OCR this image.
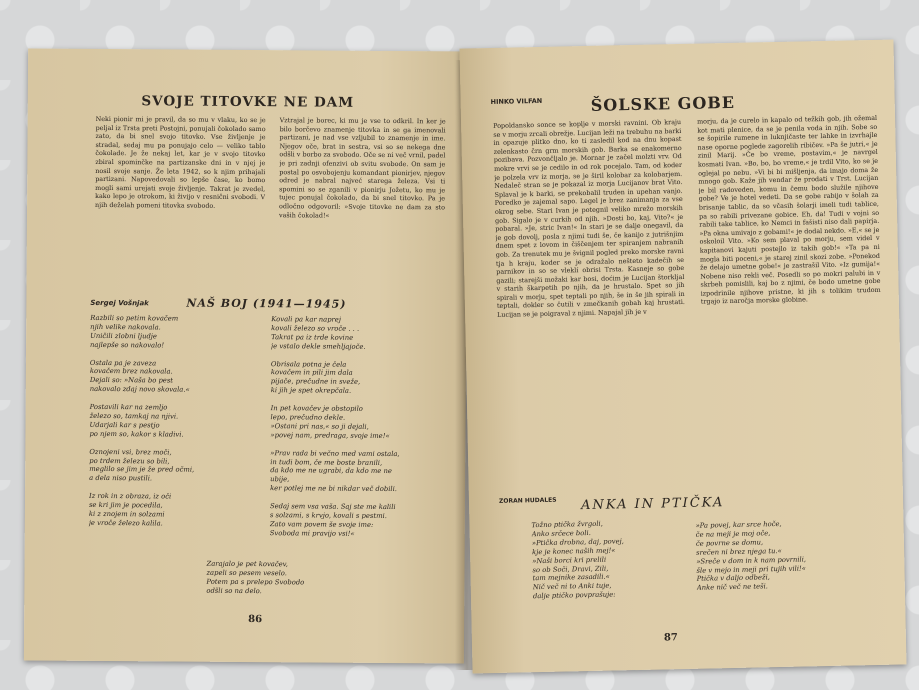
SVOJE TITOVKE NE DAM
Neki pionir mi je pravil, da so mu v vlaku, ko se je peljal iz Trsta preti Postojni, ponujali čokolado samo zato, da bi snel svojo titovko. Vse življenje je stradal, sedaj mu pa ponujajo celo — veliko tablo čokolade. Je že nekaj let, kar je v svojo titovko zbiral spominčke na partizanske dni in v njej je nosil svoje sanje. Že leta 1942, so k njim prihajali partizani. Napovedovali so lepše čase, ko bomo mogli sami urejati svoje življenje. Takrat je zvedel, kako lepo je otrokom, ki živijo v resnični svobodi. V njih deželah pomeni titovka svobodo.
Vztrajal je borec, ki mu je vse to odkril. In ker je bilo borčevo znamenje titovka in se ga imenovali partizani, je nad vse vzljubil to znamenje in ime. Njegov oče, brat in sestra, vsi so se nekega dne odšli v borbo za svobodo. Oče se ni več vrnil, padel je pri zadnji ofenzivi ob svitu svobode. On sam je postal po osvobojenju komandant pionirjev, njegov odred je nabral najveć starega železa. Vsi ti spomini so se zganili v pionirju Jožetu, ko mu je tujec ponujal čokolado, da bi snel titovko. Pa je odločno odgovoril: »Svoje titovke ne dam za sto vaših čokolad!«
Sergej Vošnjak	NAŠ BOJ (1941—1945)
Razbili so petim kovačem
njih velike nakovala.
Uničili zlobni ljudje
najlepše so nakovalo!

Ostala pa je zaveza
kovačem brez nakovala.
Dejali so: »Naša bo pest
nakovalo zdaj novo skovala.«

Postavili kar na zemljo
železo so, tamkaj na njivi.
Udarjali kar s pestjo
po njem so, kakor s kladivi.

Oznojeni vsi, brez moči,
po trdem železu so bili,
meglilo se jim je že pred očmi,
a dela niso pustili.

Iz rok in z obraza, iz oči
se kri jim je pocedila,
ki z znojem in solzami
je vroče železo kalila.
Kovali pa kar naprej
kovali železo so vroče . . .
Takrat pa iz trde kovine
je vstalo dekle smehljajoče.

Obrisala potna je čela
kovačem in pili jim dala
pijače, prečudne in sveže,
ki jih je spet okrepčala.

In pet kovačev je obstopilo
lepo, prečudno dekle.
»Ostani pri nas,« so ji dejali,
»povej nam, predraga, svoje ime!«

»Prav rada bi večno med vami ostala,
in tudi bom, če me boste branili,
da kdo me ne ugrabi, da kdo me ne
ubije,
ker potlej me ne bi nikdar več dobili.

Sedaj sem vsa vaša. Saj ste me kalili
s solzami, s krvjo, kovali s pestmi.
Zato vam povem še svoje ime:
Svoboda mi pravijo vsi!«
Zarajalo je pet kovačev,
zapeli so pesem veselo.
Potem pa s prelepo Svobodo
odšli so na delo.
86
HINKO VILFAN	ŠOLSKE GOBE
Popoldansko sonce se koplje v morski ravnini. Ob kraju se v morju zrcali obrežje. Lucijan leži na trebuhu na barki in opazuje plitko dno, ko ti zasledil kod na dnu kopast zelenkasto črn grm morskih gob. Barka se enakomerno pozibava. Pozvončljalo je. Mornar je začel molzti vrv. Od mokre vrvi se je cedilo in od rok pocejalo. Tam, od koder je polzela vrv iz morja, se je širil kolobar za kolobarjem. Nedaleč stran se je pokazal iz morja Lucijanov brat Vito. Splaval je k barki, se prekobalil truden in upehan vanjo. Poredko je zajemal sapo. Legel je brez zanimanja za vse okrog sebe. Stari Ivan je potegnil veliko mrežo morskih gob. Sigalo je v curkih od njih. »Dosti bo, kaj, Vito?« je pobaral. »Je, stric Ivan!« In stari je se dalje onegavil, da je gob dovolj, posla z njimi tudi še, če kanijo z jutrišnjim dnem spet z lovom in čiščenjem ter spiranjem nabranih gob. Za trenutek mu je švignil pogled preko morske ravni tja h kraju, koder se je odražalo nešteto kadečih se parnikov in so se vleklí obrisi Trsta. Kasneje so gobe gazili; starejši možaki kar bosi, doćim je Lucijan štorkljal v starih škarpetih po njih, da je hrustalo. Spet so jih spirali v morju, spet teptali po njih, še in še jih spirali in teptali, dokler so čutili v zmečkanih gobah kaj hrustati. Lucijan se je poigraval z njimi. Napajal jih je v
morju, da je curelo in kapalo od težkih gob, jih ožemal kot mati plenice, da se je penila voda in njih. Sobe so se šopirile rumene in luknjičaste ter lahke in izvrhajle nase oporne pogledе zagorelih ribičev. »Pa še jutri,« je zinil Marij. »Če bo vreme, postavim,« je navrgel kosmati Ivan. »Bo, bo, bo vreme,« je trdil Vito, ko se je oglejal po nebu. »Vi bi bi mišljenja, da imajo doma že mnogo gob. Kaže jih vendar že prodati v Trst. Lucijan je bil radoveden, komu in čemu bodo služile njihove gobe? Ve je hotel vedeti. Da se gobe rabijo v šolah za brisanje tablic, da so včasih šolarji imeli tudi tablice, pa so rabili privezane gobice. Eh, da! Tudi v vojni so rabili take tablice, ko Nemci in fašisti niso dali papirja. »Pa okna umivajo z gobami!« je dodal nekdo. »E,« se je oskoloil Vito. »Ko sem plaval po morju, sem videl v kapitanovi kajuti postejlo iz takih gob!« »Ta pa ni mogla biti poceni,« je starej zinil skozi zobe. »Ponekod že delajo umetne gobe!« je zastrašil Vito. »Iz gumija!« Nobene niso rekli več. Posedli so po mokri palubi in v skrbeh pomislili, kaj bo z njimi, če bodo umetne gobe izpodrinile njihove pristne, ki jih s tolikim trudom trgajo iz naročja morske globine.
ZORAN HUDALES ANKA IN PTIČKA
Tožno ptička žvrgoli,
Anko srčece boli.
»Ptička drobna, daj, povej,
kje je konec naših mej!«
»Naši borci kri prelili
so ob Soči, Dravi, Zili,
tam mejnike zasadili.«
Nič več ni to Anki tuje,
dalje ptičko povprašuje:
»Pa povej, kar srce hoče,
če na meji je moj oče,
če povrne se domu,
srečen ni brez njega tu.«
»Sreče v dom in k nam povrnili,
šle v mejo in meji pri tujih vili!«
Ptička v daljo odbeži,
Anke nič več ne teši.
87
